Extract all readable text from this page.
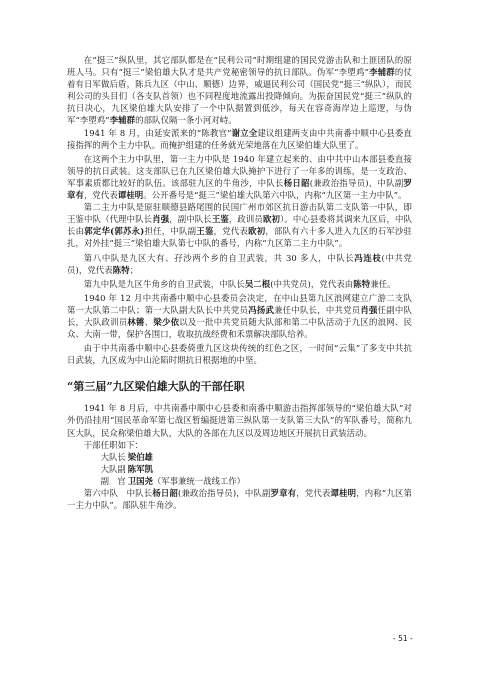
在“挺三”纵队里，其它部队都是在“民利公司”时期组建的国民党游击队和土匪团队的原班人马。只有“挺三”梁伯雄大队才是共产党秘密领导的抗日部队。伪军“李塱鸡”李辅群的仗着有日军做后盾，陈兵九区（中山、顺德）边界，威逼民利公司（国民党“挺三”纵队），而民利公司的头目们（各支队首领）也不同程度地流露出投降倾向。为振奋国民党“挺三”纵队的抗日决心，九区梁伯雄大队安排了一个中队据置到低沙，每天在容奇海岸边上巡逻，与伪军“李塱鸡”李辅群的部队仅隔一条小河对峙。

1941 年 8 月，由延安派来的“陈教官”谢立全建议组建两支由中共南番中顺中心县委直接指挥的两个主力中队。而掩护组建的任务就光荣地落在九区梁伯雄大队里了。

在这两个主力中队里，第一主力中队是 1940 年建立起来的、由中共中山本部县委直接领导的抗日武装。这支部队已在九区梁伯雄大队掩护下进行了一年多的训练，是一支政治、军事素质都比较好的队伍。该部驻九区的牛角沙，中队长杨日韶(兼政治指导员)，中队副罗章有，党代表谭桂明。公开番号是“挺三”梁伯雄大队第六中队，内称“九区第一主力中队”。

第二主力中队是原驻顺德县路尾围的民国广州市郊区抗日游击队第二支队第一中队，即王鉴中队（代理中队长肖强，副中队长王鉴，政训员欧初）。中心县委将其调来九区后，中队长由郭定华(郭苏永)担任，中队副王鉴，党代表欧初，部队有六十多人进入九区的石军沙驻扎，对外挂“挺三”梁伯雄大队第七中队的番号，内称“九区第二主力中队”。

第八中队是九区大有、孖沙两个乡的自卫武装，共 30 多人，中队长冯连枝(中共党员)，党代表陈特；

第九中队是九区牛角乡的自卫武装，中队长吴二根(中共党员)，党代表由陈特兼任。

1940 年 12 月中共南番中顺中心县委员会决定，在中山县第九区浪网建立广游二支队第一大队第二中队；第一大队副大队长中共党员冯扬武兼任中队长，中共党员肖强任副中队长，大队政训员林锵、梁少依以及一批中共党员随大队部和第二中队活动于九区的浪网、民众、大南一带，保护各围口，收取抗战经费和禾票解决部队给养。

由于中共南番中顺中心县委倚重九区这块传统的红色之区，一时间“云集”了多支中共抗日武装，九区成为中山沦陷时期抗日根据地的中坚。

“第三届”九区梁伯雄大队的干部任职

1941 年 8 月后，中共南番中顺中心县委和南番中顺游击指挥部领导的“梁伯雄大队”对外仍沿挂用“国民革命军第七战区暂编挺进第三纵队第一支队第三大队”的军队番号，简称九区大队，民众称梁伯雄大队，大队的各部在九区以及周边地区开展抗日武装活动。

干部任职如下：

大队长 梁伯雄
大队副 陈军凯
副　官 卫国尧（军事兼统一战线工作）

第六中队　中队长杨日韶(兼政治指导员)，中队副罗章有，党代表谭桂明，内称“九区第一主力中队”。部队驻牛角沙。

- 51 -
